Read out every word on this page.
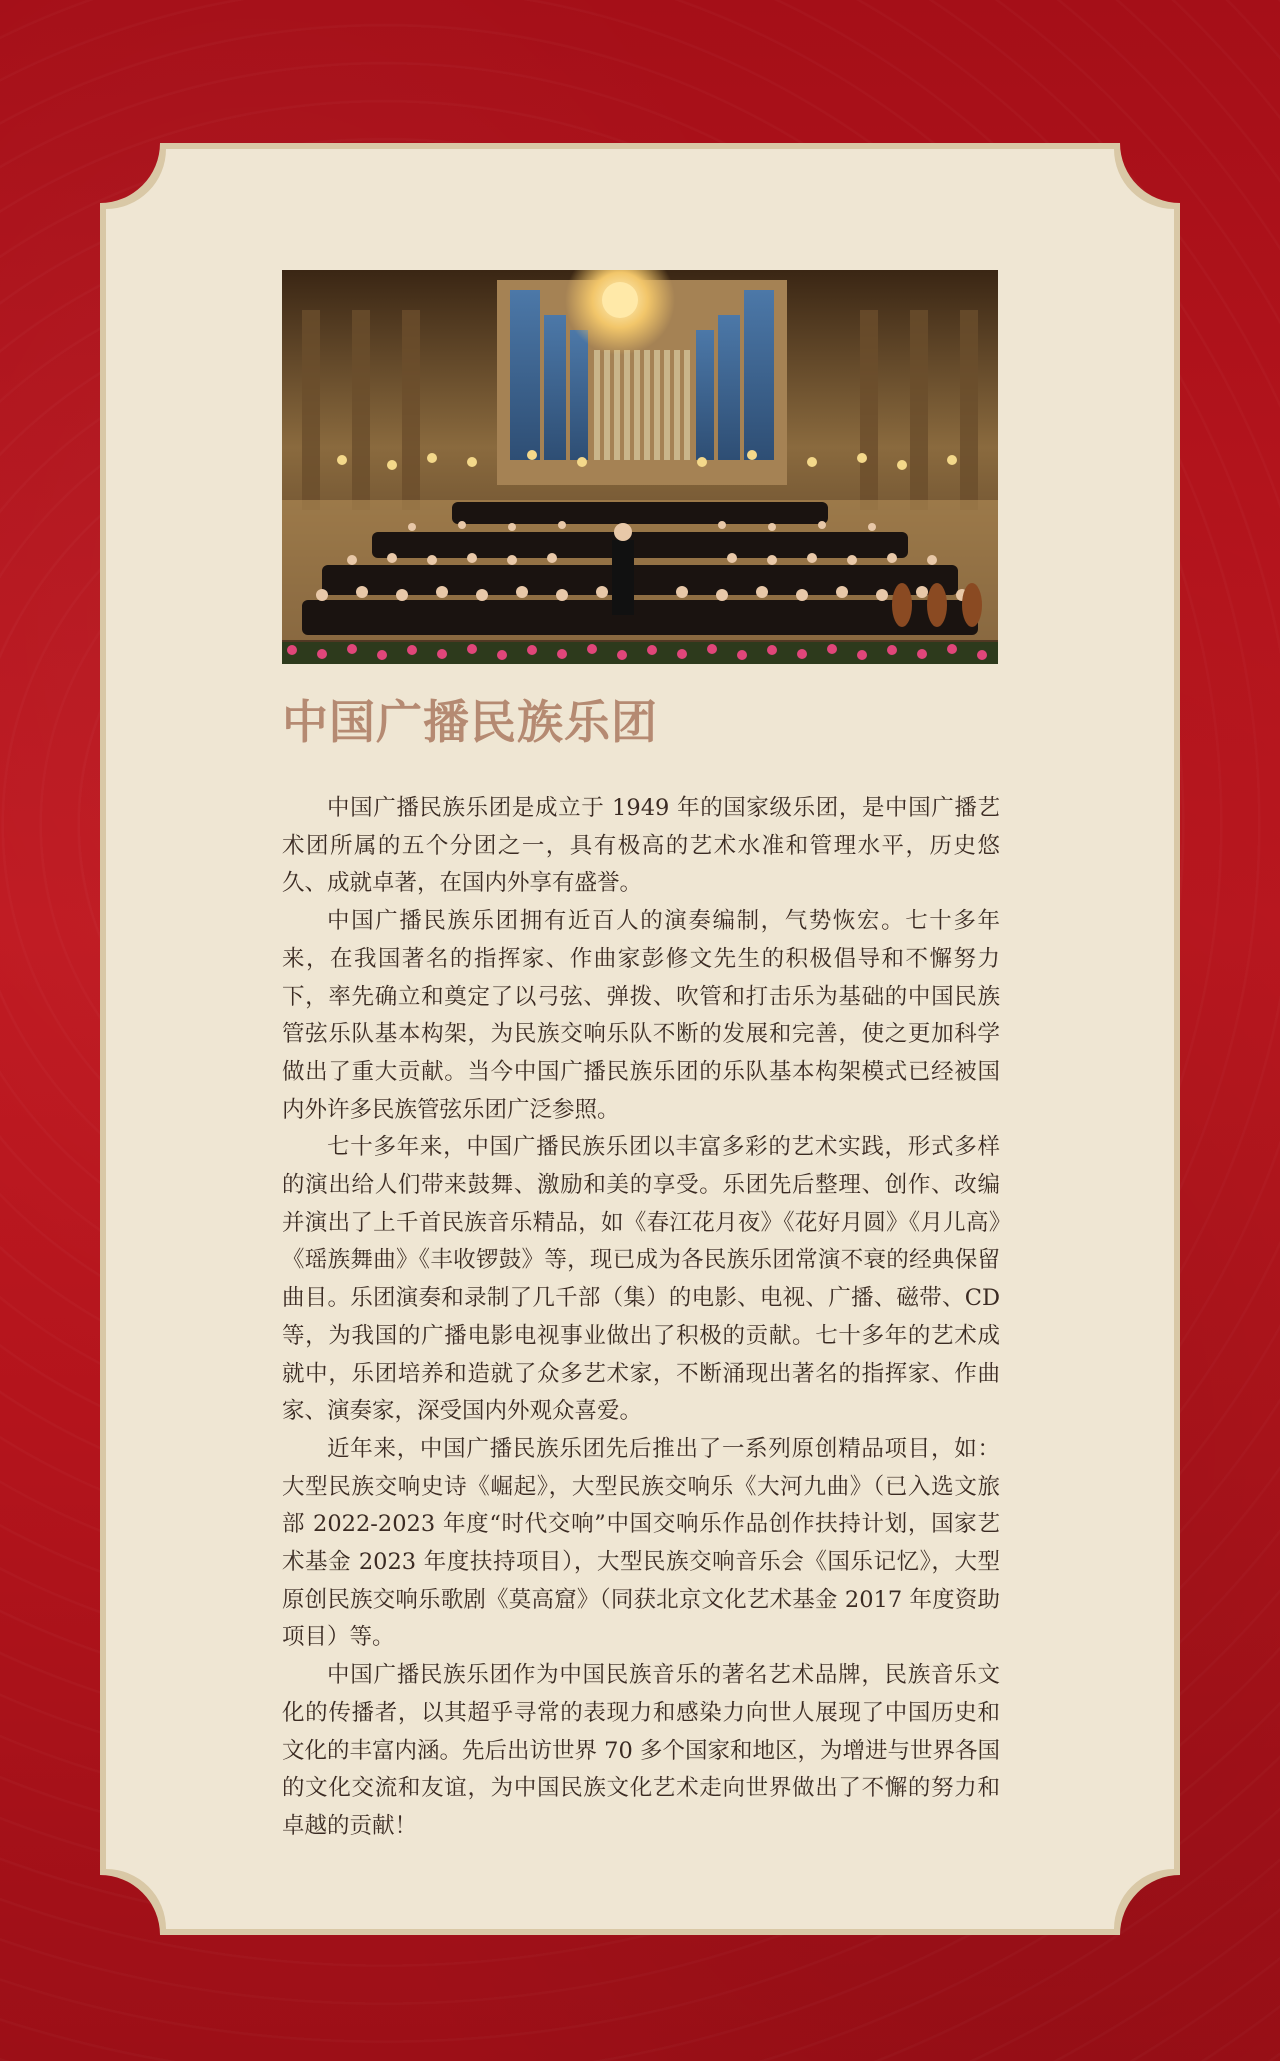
中国广播民族乐团

中国广播民族乐团是成立于 1949 年的国家级乐团，是中国广播艺术团所属的五个分团之一，具有极高的艺术水准和管理水平，历史悠久、成就卓著，在国内外享有盛誉。

中国广播民族乐团拥有近百人的演奏编制，气势恢宏。七十多年来，在我国著名的指挥家、作曲家彭修文先生的积极倡导和不懈努力下，率先确立和奠定了以弓弦、弹拨、吹管和打击乐为基础的中国民族管弦乐队基本构架，为民族交响乐队不断的发展和完善，使之更加科学做出了重大贡献。当今中国广播民族乐团的乐队基本构架模式已经被国内外许多民族管弦乐团广泛参照。

七十多年来，中国广播民族乐团以丰富多彩的艺术实践，形式多样的演出给人们带来鼓舞、激励和美的享受。乐团先后整理、创作、改编并演出了上千首民族音乐精品，如《春江花月夜》《花好月圆》《月儿高》《瑶族舞曲》《丰收锣鼓》等，现已成为各民族乐团常演不衰的经典保留曲目。乐团演奏和录制了几千部（集）的电影、电视、广播、磁带、CD 等，为我国的广播电影电视事业做出了积极的贡献。七十多年的艺术成就中，乐团培养和造就了众多艺术家，不断涌现出著名的指挥家、作曲家、演奏家，深受国内外观众喜爱。

近年来，中国广播民族乐团先后推出了一系列原创精品项目，如：大型民族交响史诗《崛起》，大型民族交响乐《大河九曲》（已入选文旅部 2022-2023 年度“时代交响”中国交响乐作品创作扶持计划，国家艺术基金 2023 年度扶持项目），大型民族交响音乐会《国乐记忆》，大型原创民族交响乐歌剧《莫高窟》（同获北京文化艺术基金 2017 年度资助项目）等。

中国广播民族乐团作为中国民族音乐的著名艺术品牌，民族音乐文化的传播者，以其超乎寻常的表现力和感染力向世人展现了中国历史和文化的丰富内涵。先后出访世界 70 多个国家和地区，为增进与世界各国的文化交流和友谊，为中国民族文化艺术走向世界做出了不懈的努力和卓越的贡献！
